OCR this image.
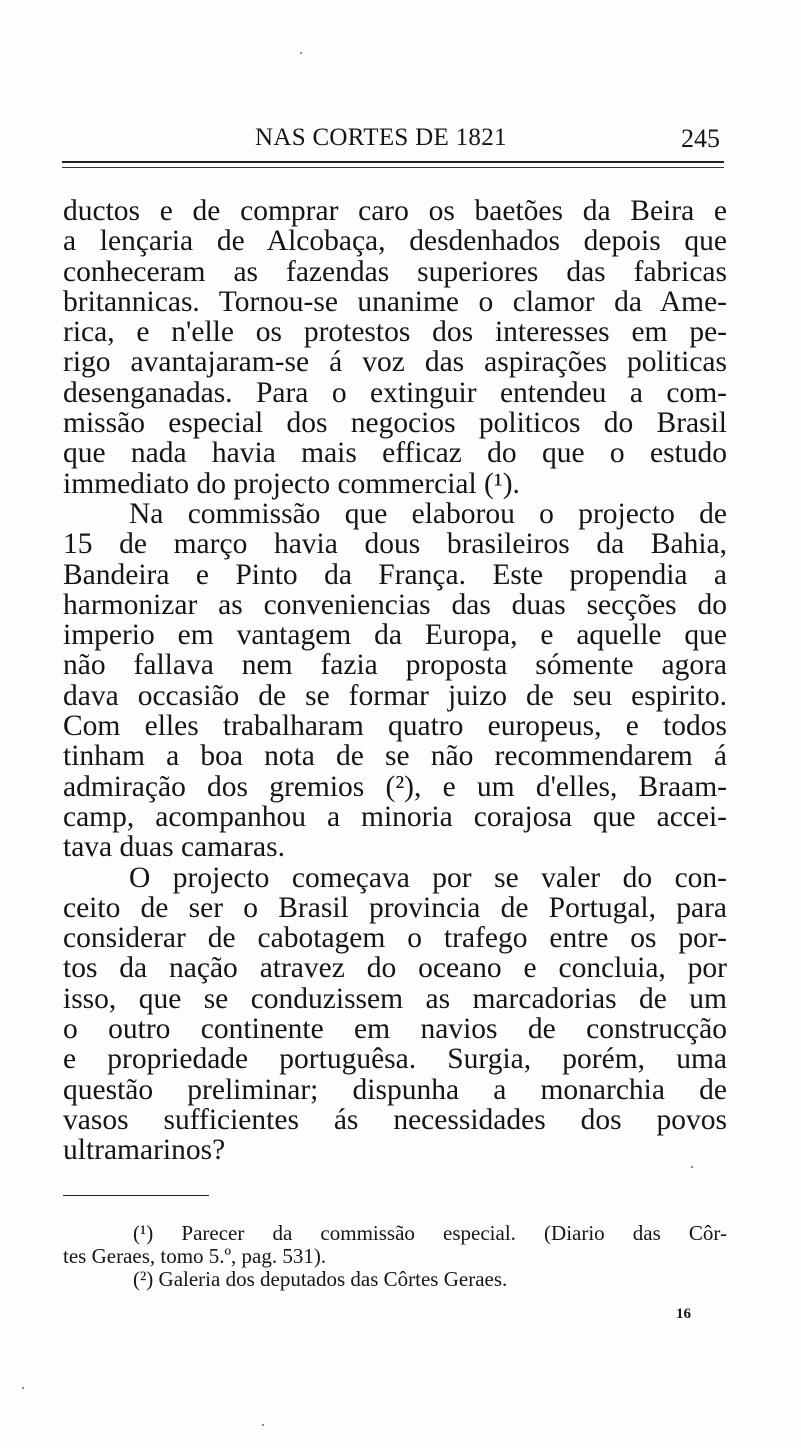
NAS CORTES DE 1821	245
ductos e de comprar caro os baetões da Beira e
a lençaria de Alcobaça, desdenhados depois que
conheceram as fazendas superiores das fabricas
britannicas. Tornou-se unanime o clamor da Ame-
rica, e n'elle os protestos dos interesses em pe-
rigo avantajaram-se á voz das aspirações politicas
desenganadas. Para o extinguir entendeu a com-
missão especial dos negocios politicos do Brasil
que nada havia mais efficaz do que o estudo
immediato do projecto commercial (¹).
Na commissão que elaborou o projecto de
15 de março havia dous brasileiros da Bahia,
Bandeira e Pinto da França. Este propendia a
harmonizar as conveniencias das duas secções do
imperio em vantagem da Europa, e aquelle que
não fallava nem fazia proposta sómente agora
dava occasião de se formar juizo de seu espirito.
Com elles trabalharam quatro europeus, e todos
tinham a boa nota de se não recommendarem á
admiração dos gremios (²), e um d'elles, Braam-
camp, acompanhou a minoria corajosa que accei-
tava duas camaras.
O projecto começava por se valer do con-
ceito de ser o Brasil provincia de Portugal, para
considerar de cabotagem o trafego entre os por-
tos da nação atravez do oceano e concluia, por
isso, que se conduzissem as marcadorias de um
o outro continente em navios de construcção
e propriedade portuguêsa. Surgia, porém, uma
questão preliminar; dispunha a monarchia de
vasos sufficientes ás necessidades dos povos
ultramarinos?
(¹) Parecer da commissão especial. (Diario das Côr-
tes Geraes, tomo 5.º, pag. 531).
(²) Galeria dos deputados das Côrtes Geraes.
16
